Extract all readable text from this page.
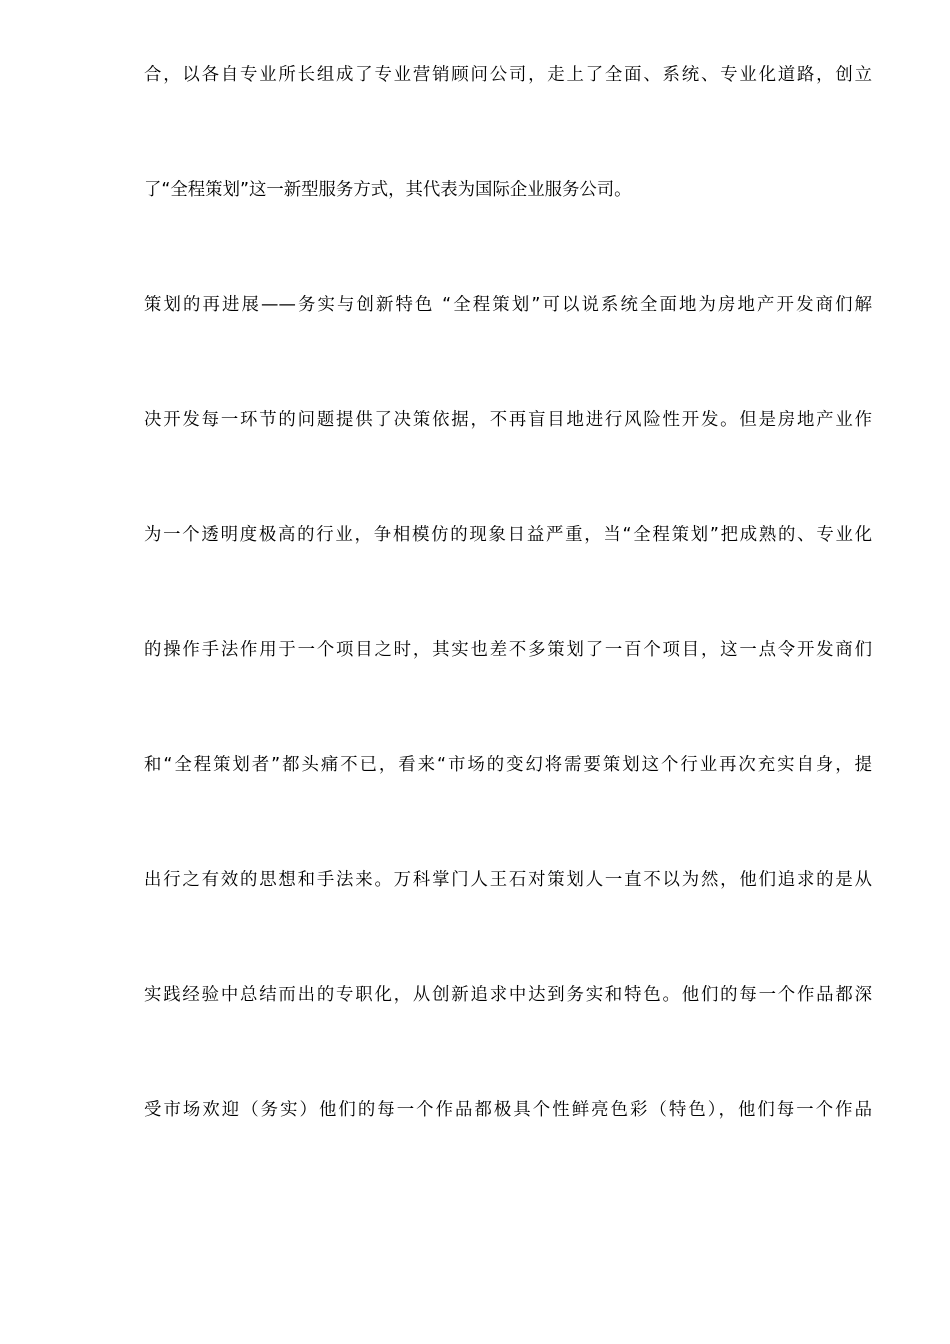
合，以各自专业所长组成了专业营销顾问公司，走上了全面、系统、专业化道路，创立
了“全程策划”这一新型服务方式，其代表为国际企业服务公司。
策划的再进展——务实与创新特色 “全程策划”可以说系统全面地为房地产开发商们解
决开发每一环节的问题提供了决策依据，不再盲目地进行风险性开发。但是房地产业作
为一个透明度极高的行业，争相模仿的现象日益严重，当“全程策划”把成熟的、专业化
的操作手法作用于一个项目之时，其实也差不多策划了一百个项目，这一点令开发商们
和“全程策划者”都头痛不已，看来“市场的变幻将需要策划这个行业再次充实自身，提
出行之有效的思想和手法来。万科掌门人王石对策划人一直不以为然，他们追求的是从
实践经验中总结而出的专职化，从创新追求中达到务实和特色。他们的每一个作品都深
受市场欢迎（务实）他们的每一个作品都极具个性鲜亮色彩（特色），他们每一个作品
